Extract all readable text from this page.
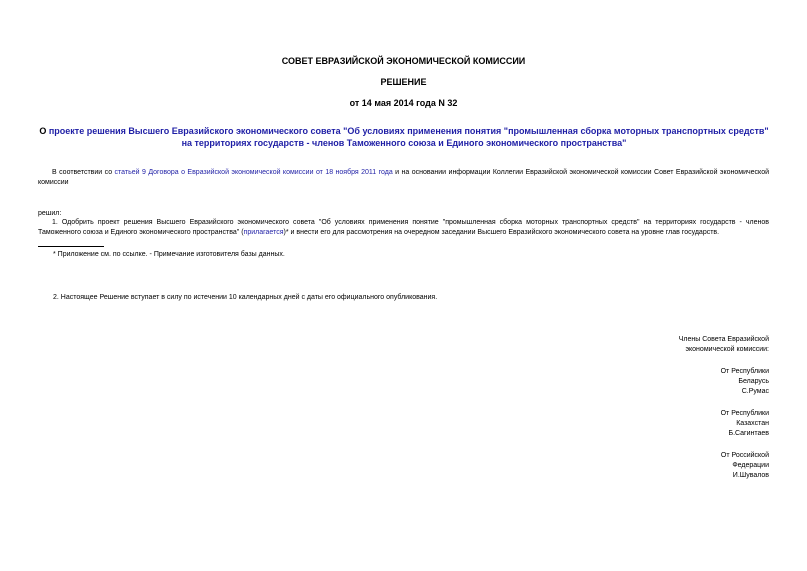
СОВЕТ ЕВРАЗИЙСКОЙ ЭКОНОМИЧЕСКОЙ КОМИССИИ
РЕШЕНИЕ
от 14 мая 2014 года N 32
О проекте решения Высшего Евразийского экономического совета "Об условиях применения понятия "промышленная сборка моторных транспортных средств" на территориях государств - членов Таможенного союза и Единого экономического пространства"
В соответствии со статьей 9 Договора о Евразийской экономической комиссии от 18 ноября 2011 года и на основании информации Коллегии Евразийской экономической комиссии Совет Евразийской экономической комиссии
решил:
1. Одобрить проект решения Высшего Евразийского экономического совета "Об условиях применения понятие "промышленная сборка моторных транспортных средств" на территориях государств - членов Таможенного союза и Единого экономического пространства" (прилагается)* и внести его для рассмотрения на очередном заседании Высшего Евразийского экономического совета на уровне глав государств.
* Приложение см. по ссылке. - Примечание изготовителя базы данных.
2. Настоящее Решение вступает в силу по истечении 10 календарных дней с даты его официального опубликования.
Члены Совета Евразийской
экономической комиссии:
От Республики
Беларусь
С.Румас
От Республики
Казахстан
Б.Сагинтаев
От Российской
Федерации
И.Шувалов
